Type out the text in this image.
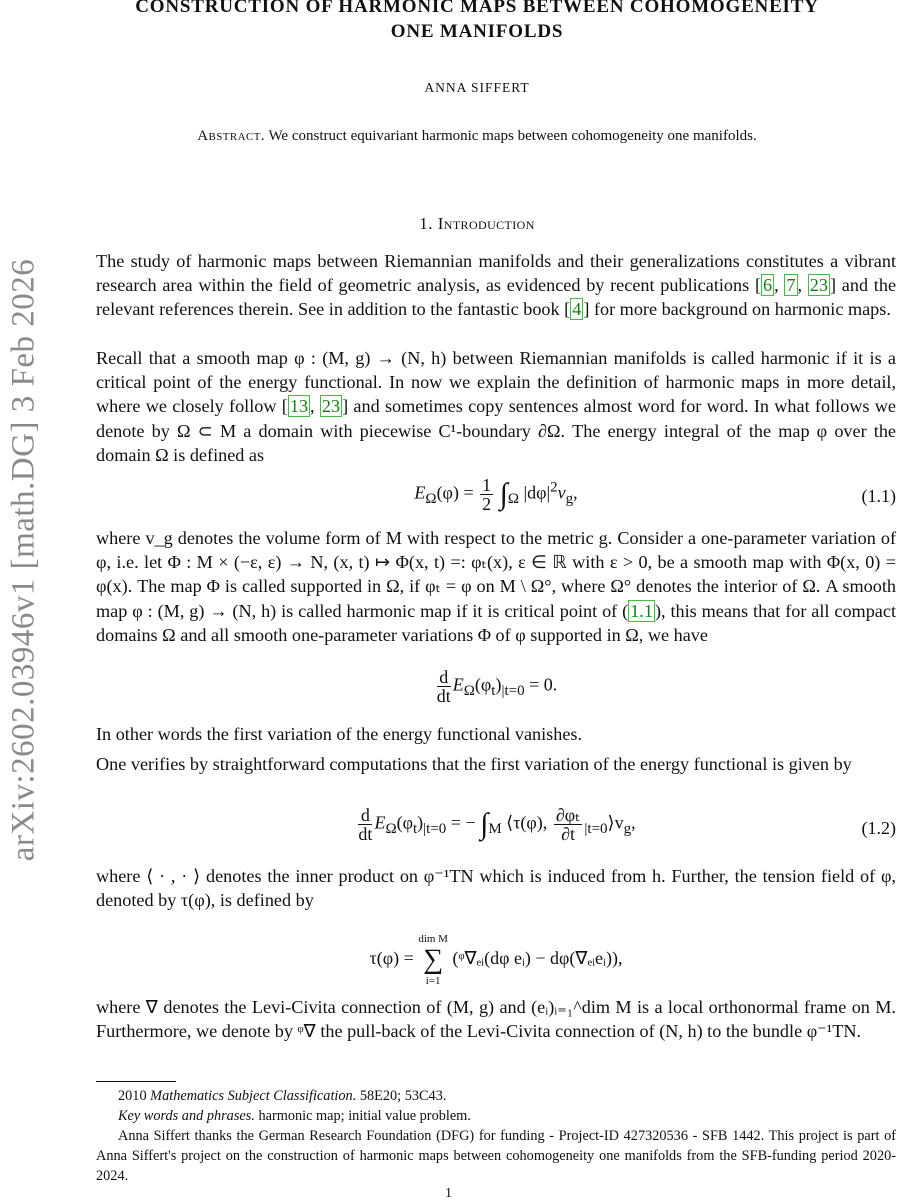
arXiv:2602.03946v1 [math.DG] 3 Feb 2026
CONSTRUCTION OF HARMONIC MAPS BETWEEN COHOMOGENEITY
ONE MANIFOLDS
ANNA SIFFERT
Abstract. We construct equivariant harmonic maps between cohomogeneity one manifolds.
1. Introduction

The study of harmonic maps between Riemannian manifolds and their generalizations constitutes a vibrant research area within the field of geometric analysis, as evidenced by recent publications [ 6 , 7 , 23 ] and the relevant references therein. See in addition to the fantastic book [ 4 ] for more background on harmonic maps.

Recall that a smooth map φ : (M, g) → (N, h) between Riemannian manifolds is called harmonic if it is a critical point of the energy functional. In now we explain the definition of harmonic maps in more detail, where we closely follow [ 13 , 23 ] and sometimes copy sentences almost word for word. In what follows we denote by Ω ⊂ M a domain with piecewise C¹-boundary ∂Ω. The energy integral of the map φ over the domain Ω is defined as

$E_\Omega(\varphi) = \frac{1}{2} \int_\Omega$ $|d\varphi|^2v_g$,	(1.1)

where v_g denotes the volume form of M with respect to the metric g. Consider a one-parameter variation of φ, i.e. let Φ : M × (−ε, ε) → N, (x, t) ↦ Φ(x, t) =: φₜ(x), ε ∈ ℝ with ε > 0, be a smooth map with Φ(x, 0) = φ(x). The map Φ is called supported in Ω, if φₜ = φ on M \ Ω°, where Ω° denotes the interior of Ω. A smooth map φ : (M, g) → (N, h) is called harmonic map if it is critical point of ( 1.1 ), this means that for all compact domains Ω and all smooth one-parameter variations Φ of φ supported in Ω, we have

$\frac{d}{dt} E_\Omega(\varphi_t)_{|t=0} = 0$.

In other words the first variation of the energy functional vanishes.

One verifies by straightforward computations that the first variation of the energy functional is given by

$\frac{d}{dt} E_\Omega(\varphi_t)_{|t=0}$ = − $\int_M$ ⟨τ(φ), $\frac{\text{∂φₜ}}{\partial t}$ $_{|t=0}⟩v_g$,	(1.2)

where ⟨ · , · ⟩ denotes the inner product on φ⁻¹TN which is induced from h. Further, the tension field of φ, denoted by τ(φ), is defined by

τ(φ) =
dim M
∑
i=1
(ᵠ∇ₑᵢ(dφ eᵢ) − dφ(∇ₑᵢeᵢ)),

where ∇ denotes the Levi-Civita connection of (M, g) and (eᵢ)ᵢ₌₁^dim M is a local orthonormal frame on M. Furthermore, we denote by ᵠ∇ the pull-back of the Levi-Civita connection of (N, h) to the bundle φ⁻¹TN.

2010 Mathematics Subject Classification. 58E20; 53C43.

Key words and phrases. harmonic map; initial value problem.

Anna Siffert thanks the German Research Foundation (DFG) for funding - Project-ID 427320536 - SFB 1442. This project is part of Anna Siffert's project on the construction of harmonic maps between cohomogeneity one manifolds from the SFB-funding period 2020-2024.

1
